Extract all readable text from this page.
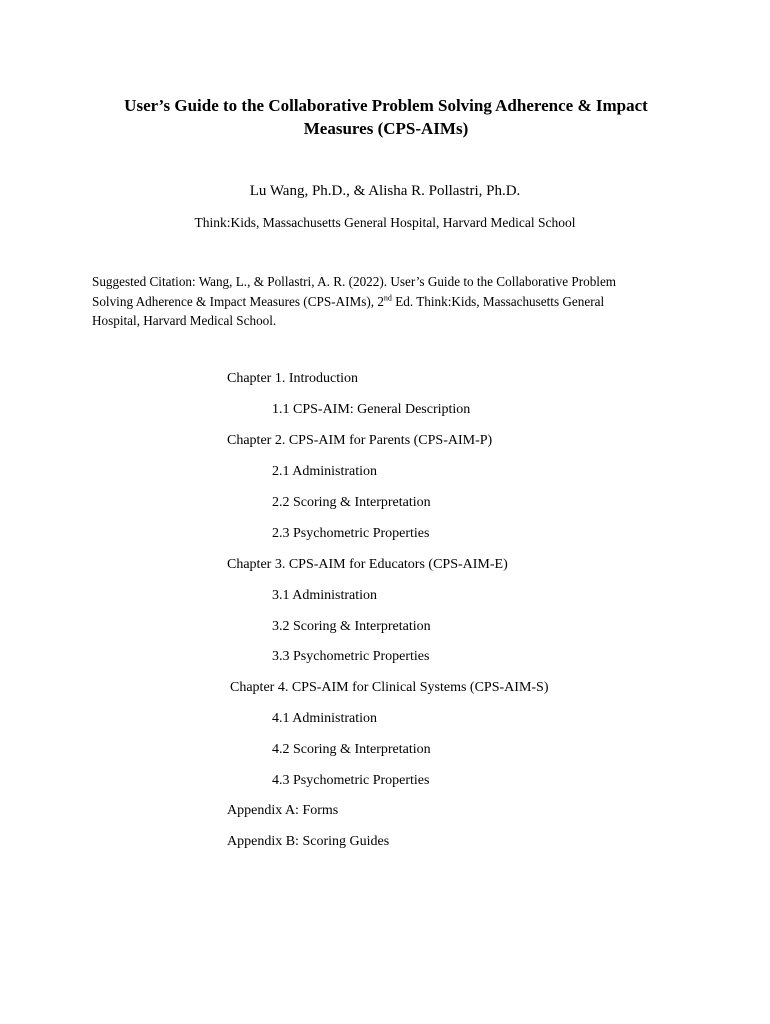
User’s Guide to the Collaborative Problem Solving Adherence & Impact
Measures (CPS-AIMs)
Lu Wang, Ph.D., & Alisha R. Pollastri, Ph.D.
Think:Kids, Massachusetts General Hospital, Harvard Medical School
Suggested Citation: Wang, L., & Pollastri, A. R. (2022). User’s Guide to the Collaborative Problem
Solving Adherence & Impact Measures (CPS-AIMs), 2nd Ed. Think:Kids, Massachusetts General
Hospital, Harvard Medical School.
Chapter 1. Introduction
1.1 CPS-AIM: General Description
Chapter 2. CPS-AIM for Parents (CPS-AIM-P)
2.1 Administration
2.2 Scoring & Interpretation
2.3 Psychometric Properties
Chapter 3. CPS-AIM for Educators (CPS-AIM-E)
3.1 Administration
3.2 Scoring & Interpretation
3.3 Psychometric Properties
Chapter 4. CPS-AIM for Clinical Systems (CPS-AIM-S)
4.1 Administration
4.2 Scoring & Interpretation
4.3 Psychometric Properties
Appendix A: Forms
Appendix B: Scoring Guides
